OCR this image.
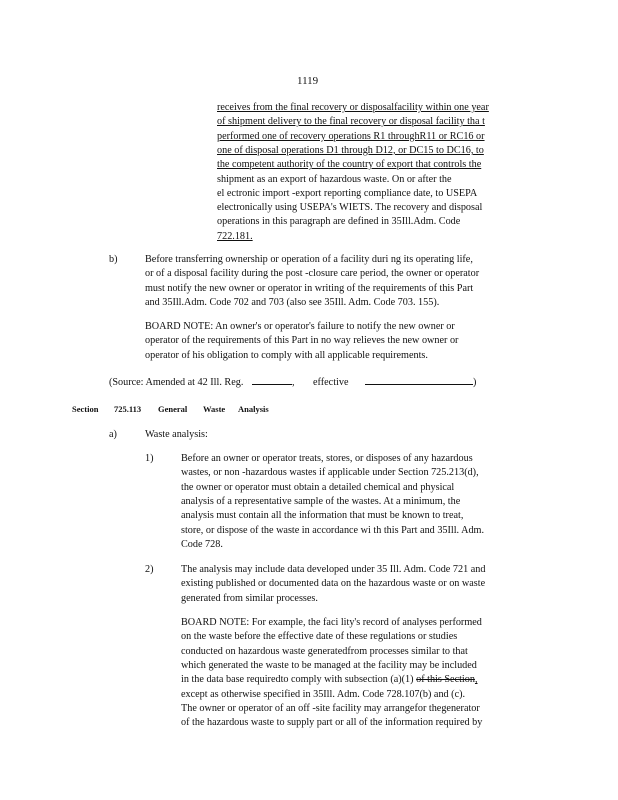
1119
receives from the final recovery or disposalfacility within one year
of shipment delivery to the final recovery or disposal facility tha t
performed one of recovery operations R1 throughR11 or RC16 or
one of disposal operations D1 through D12, or DC15 to DC16, to
the competent authority of the country of export that controls the
shipment as an export of hazardous waste. On or after the
el ectronic import -export reporting compliance date, to USEPA
electronically using USEPA's WIETS. The recovery and disposal
operations in this paragraph are defined in 35Ill.Adm. Code
722.181.
b)	Before transferring ownership or operation of a facility duri ng its operating life,
or of a disposal facility during the post -closure care period, the owner or operator
must notify the new owner or operator in writing of the requirements of this Part
and 35Ill.Adm. Code 702 and 703 (also see 35Ill. Adm. Code 703. 155).
BOARD NOTE: An owner's or operator's failure to notify the new owner or
operator of the requirements of this Part in no way relieves the new owner or
operator of his obligation to comply with all applicable requirements.
(Source: Amended at 42 Ill. Reg.	, effective	)
Section 725.113 General Waste Analysis
a)	Waste analysis:
1)	Before an owner or operator treats, stores, or disposes of any hazardous
wastes, or non -hazardous wastes if applicable under Section 725.213(d),
the owner or operator must obtain a detailed chemical and physical
analysis of a representative sample of the wastes. At a minimum, the
analysis must contain all the information that must be known to treat,
store, or dispose of the waste in accordance wi th this Part and 35Ill. Adm.
Code 728.
2)	The analysis may include data developed under 35 Ill. Adm. Code 721 and
existing published or documented data on the hazardous waste or on waste
generated from similar processes.
BOARD NOTE: For example, the faci lity's record of analyses performed
on the waste before the effective date of these regulations or studies
conducted on hazardous waste generatedfrom processes similar to that
which generated the waste to be managed at the facility may be included
in the data base requiredto comply with subsection (a)(1) of this Section,
except as otherwise specified in 35Ill. Adm. Code 728.107(b) and (c).
The owner or operator of an off -site facility may arrangefor thegenerator
of the hazardous waste to supply part or all of the information required by
